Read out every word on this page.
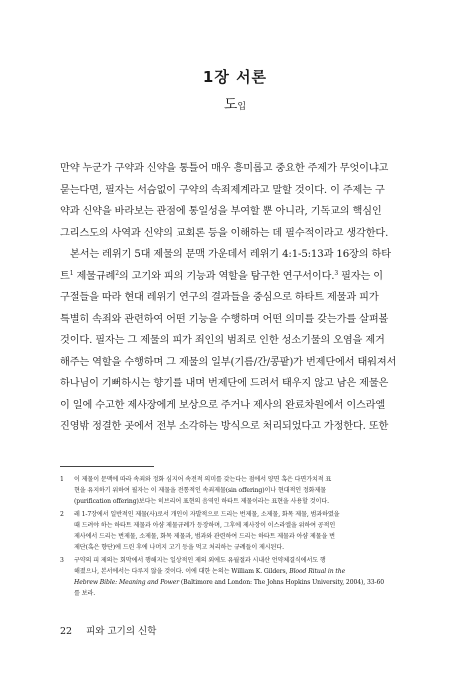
1장 서론
도입
만약 누군가 구약과 신약을 통틀어 매우 흥미롭고 중요한 주제가 무엇이냐고
묻는다면, 필자는 서슴없이 구약의 속죄제계라고 말할 것이다. 이 주제는 구
약과 신약을 바라보는 관점에 통일성을 부여할 뿐 아니라, 기독교의 핵심인
그리스도의 사역과 신약의 교회론 등을 이해하는 데 필수적이라고 생각한다.
본서는 레위기 5대 제물의 문맥 가운데서 레위기 4:1-5:13과 16장의 하타
트$^1$ 제물규례$^2$의 고기와 피의 기능과 역할을 탐구한 연구서이다.$^3$ 필자는 이
구절들을 따라 현대 레위기 연구의 결과들을 중심으로 하타트 제물과 피가
특별히 속죄와 관련하여 어떤 기능을 수행하며 어떤 의미를 갖는가를 살펴볼
것이다. 필자는 그 제물의 피가 죄인의 범죄로 인한 성소기물의 오염을 제거
해주는 역할을 수행하며 그 제물의 일부(기름/간/콩팥)가 번제단에서 태워져서
하나님이 기뻐하시는 향기를 내며 번제단에 드려서 태우지 않고 남은 제물은
이 일에 수고한 제사장에게 보상으로 주거나 제사의 완료차원에서 이스라엘
진영밖 정결한 곳에서 전부 소각하는 방식으로 처리되었다고 가정한다. 또한
1 이 제물이 문맥에 따라 속죄와 정화 심지어 속전적 의미를 갖는다는 점에서 양면 혹은 다면가치적 표
현을 유지하기 위하여 필자는 이 제물을 전통적인 속죄제물(sin offering)이나 현대적인 정화제물
(purification offering)보다는 히브리어 표현의 음역인 하타트 제물이라는 표현을 사용할 것이다.
2 레 1-7장에서 일반적인 제물(사)로서 개인이 자발적으로 드리는 번제물, 소제물, 화목 제물, 범과하였을
때 드려야 하는 하타트 제물과 아샴 제물규례가 등장하며, 그후에 제사장이 이스라엘을 위하여 공적인
제사에서 드리는 번제물, 소제물, 화목 제물과, 범과와 관련하여 드리는 하타트 제물과 아샴 제물을 번
제단(혹은 향단)에 드린 후에 나머지 고기 등을 먹고 처리하는 규례들이 제시된다.
3 구약의 피 제의는 회막에서 행해지는 일상적인 제의 외에도 유월절과 시내산 언약체결식에서도 행
해졌으나, 본서에서는 다루지 않을 것이다. 이에 대한 논의는 William K. Gilders, Blood Ritual in the
Hebrew Bible: Meaning and Power (Baltimore and London: The Johns Hopkins University, 2004), 33-60
를 보라.
22 피와 고기의 신학
